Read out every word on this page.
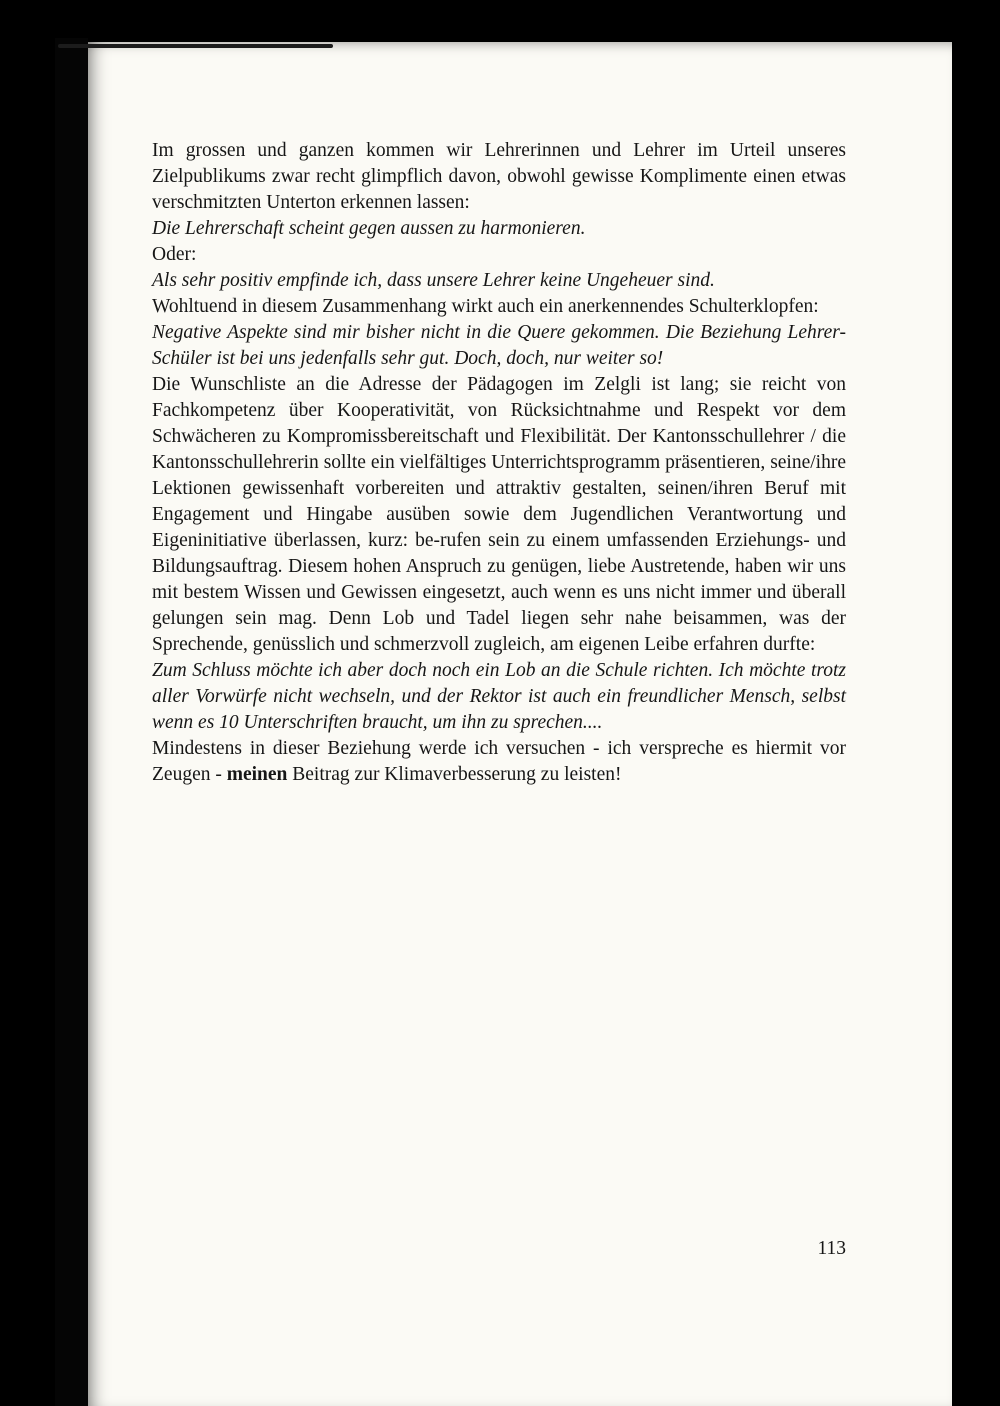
Im grossen und ganzen kommen wir Lehrerinnen und Lehrer im Urteil unseres Zielpublikums zwar recht glimpflich davon, obwohl gewisse Komplimente einen etwas verschmitzten Unterton erkennen lassen:

Die Lehrerschaft scheint gegen aussen zu harmonieren.

Oder:

Als sehr positiv empfinde ich, dass unsere Lehrer keine Ungeheuer sind.

Wohltuend in diesem Zusammenhang wirkt auch ein anerkennendes Schulterklopfen:

Negative Aspekte sind mir bisher nicht in die Quere gekommen. Die Beziehung Lehrer-Schüler ist bei uns jedenfalls sehr gut. Doch, doch, nur weiter so!

Die Wunschliste an die Adresse der Pädagogen im Zelgli ist lang; sie reicht von Fachkompetenz über Kooperativität, von Rücksichtnahme und Respekt vor dem Schwächeren zu Kompromissbereitschaft und Flexibilität. Der Kantonsschullehrer / die Kantonsschullehrerin sollte ein vielfältiges Unterrichtsprogramm präsentieren, seine/ihre Lektionen gewissenhaft vorbereiten und attraktiv gestalten, seinen/ihren Beruf mit Engagement und Hingabe ausüben sowie dem Jugendlichen Verantwortung und Eigeninitiative überlassen, kurz: be-rufen sein zu einem umfassenden Erziehungs- und Bildungsauftrag. Diesem hohen Anspruch zu genügen, liebe Austretende, haben wir uns mit bestem Wissen und Gewissen eingesetzt, auch wenn es uns nicht immer und überall gelungen sein mag. Denn Lob und Tadel liegen sehr nahe beisammen, was der Sprechende, genüsslich und schmerzvoll zugleich, am eigenen Leibe erfahren durfte:

Zum Schluss möchte ich aber doch noch ein Lob an die Schule richten. Ich möchte trotz aller Vorwürfe nicht wechseln, und der Rektor ist auch ein freundlicher Mensch, selbst wenn es 10 Unterschriften braucht, um ihn zu sprechen....

Mindestens in dieser Beziehung werde ich versuchen - ich verspreche es hiermit vor Zeugen - meinen Beitrag zur Klimaverbesserung zu leisten!

113
